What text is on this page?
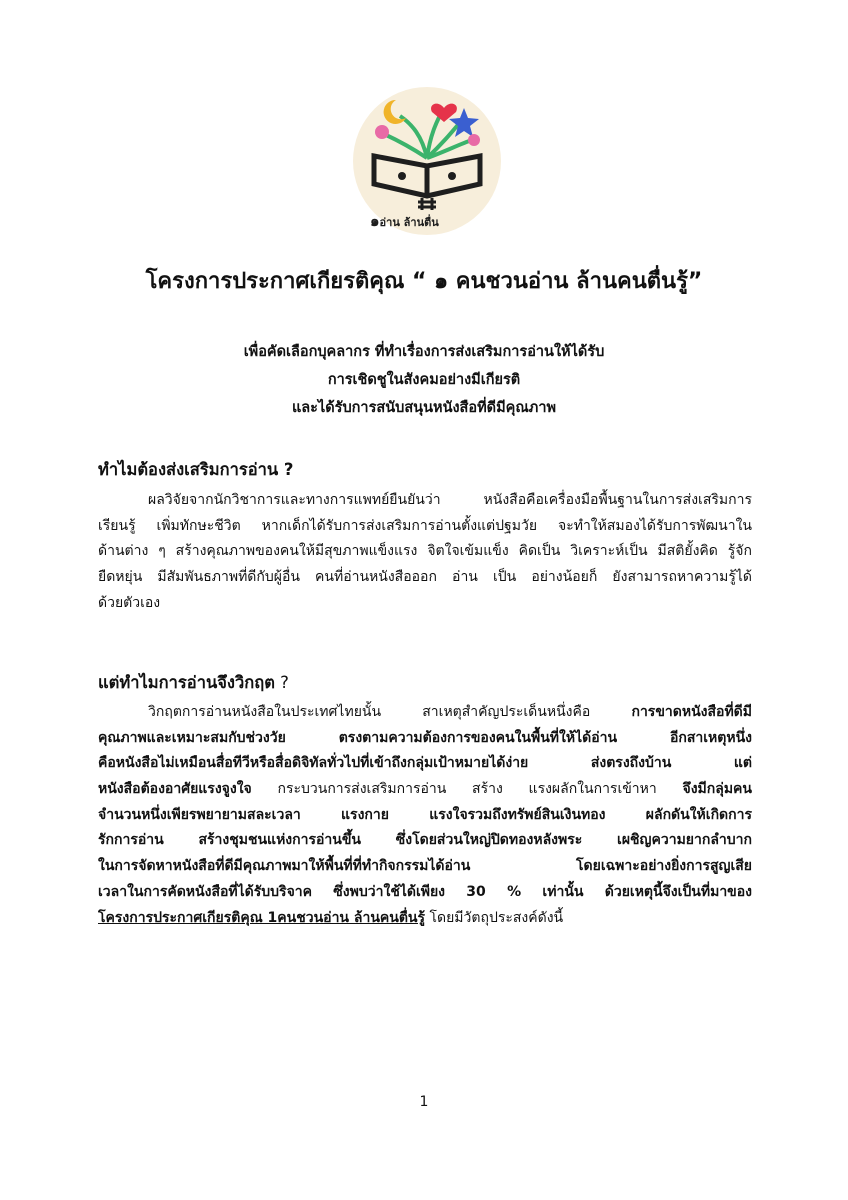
๑อ่าน ล้านตื่น
โครงการประกาศเกียรติคุณ “ ๑ คนชวนอ่าน ล้านคนตื่นรู้”
เพื่อคัดเลือกบุคลากร ที่ทำเรื่องการส่งเสริมการอ่านให้ได้รับ
การเชิดชูในสังคมอย่างมีเกียรติ
และได้รับการสนับสนุนหนังสือที่ดีมีคุณภาพ
ทำไมต้องส่งเสริมการอ่าน ?
ผลวิจัยจากนักวิชาการและทางการแพทย์ยืนยันว่า หนังสือคือเครื่องมือพื้นฐานในการส่งเสริมการ
เรียนรู้ เพิ่มทักษะชีวิต หากเด็กได้รับการส่งเสริมการอ่านตั้งแต่ปฐมวัย จะทำให้สมองได้รับการพัฒนาใน
ด้านต่าง ๆ สร้างคุณภาพของคนให้มีสุขภาพแข็งแรง จิตใจเข้มแข็ง คิดเป็น วิเคราะห์เป็น มีสติยั้งคิด รู้จัก
ยืดหยุ่น มีสัมพันธภาพที่ดีกับผู้อื่น คนที่อ่านหนังสือออก อ่าน เป็น อย่างน้อยก็ ยังสามารถหาความรู้ได้
ด้วยตัวเอง
แต่ทำไมการอ่านจึงวิกฤต ?
วิกฤตการอ่านหนังสือในประเทศไทยนั้น สาเหตุสำคัญประเด็นหนึ่งคือ การขาดหนังสือที่ดีมี
คุณภาพและเหมาะสมกับช่วงวัย ตรงตามความต้องการของคนในพื้นที่ให้ได้อ่าน อีกสาเหตุหนึ่ง
คือหนังสือไม่เหมือนสื่อทีวีหรือสื่อดิจิทัลทั่วไปที่เข้าถึงกลุ่มเป้าหมายได้ง่าย ส่งตรงถึงบ้าน แต่
หนังสือต้องอาศัยแรงจูงใจ กระบวนการส่งเสริมการอ่าน สร้าง แรงผลักในการเข้าหา จึงมีกลุ่มคน
จำนวนหนึ่งเพียรพยายามสละเวลา แรงกาย แรงใจรวมถึงทรัพย์สินเงินทอง ผลักดันให้เกิดการ
รักการอ่าน สร้างชุมชนแห่งการอ่านขึ้น ซึ่งโดยส่วนใหญ่ปิดทองหลังพระ เผชิญความยากลำบาก
ในการจัดหาหนังสือที่ดีมีคุณภาพมาให้พื้นที่ที่ทำกิจกรรมได้อ่าน โดยเฉพาะอย่างยิ่งการสูญเสีย
เวลาในการคัดหนังสือที่ได้รับบริจาค ซึ่งพบว่าใช้ได้เพียง 30 % เท่านั้น ด้วยเหตุนี้จึงเป็นที่มาของ
โครงการประกาศเกียรติคุณ 1คนชวนอ่าน ล้านคนตื่นรู้ โดยมีวัตถุประสงค์ดังนี้
1
